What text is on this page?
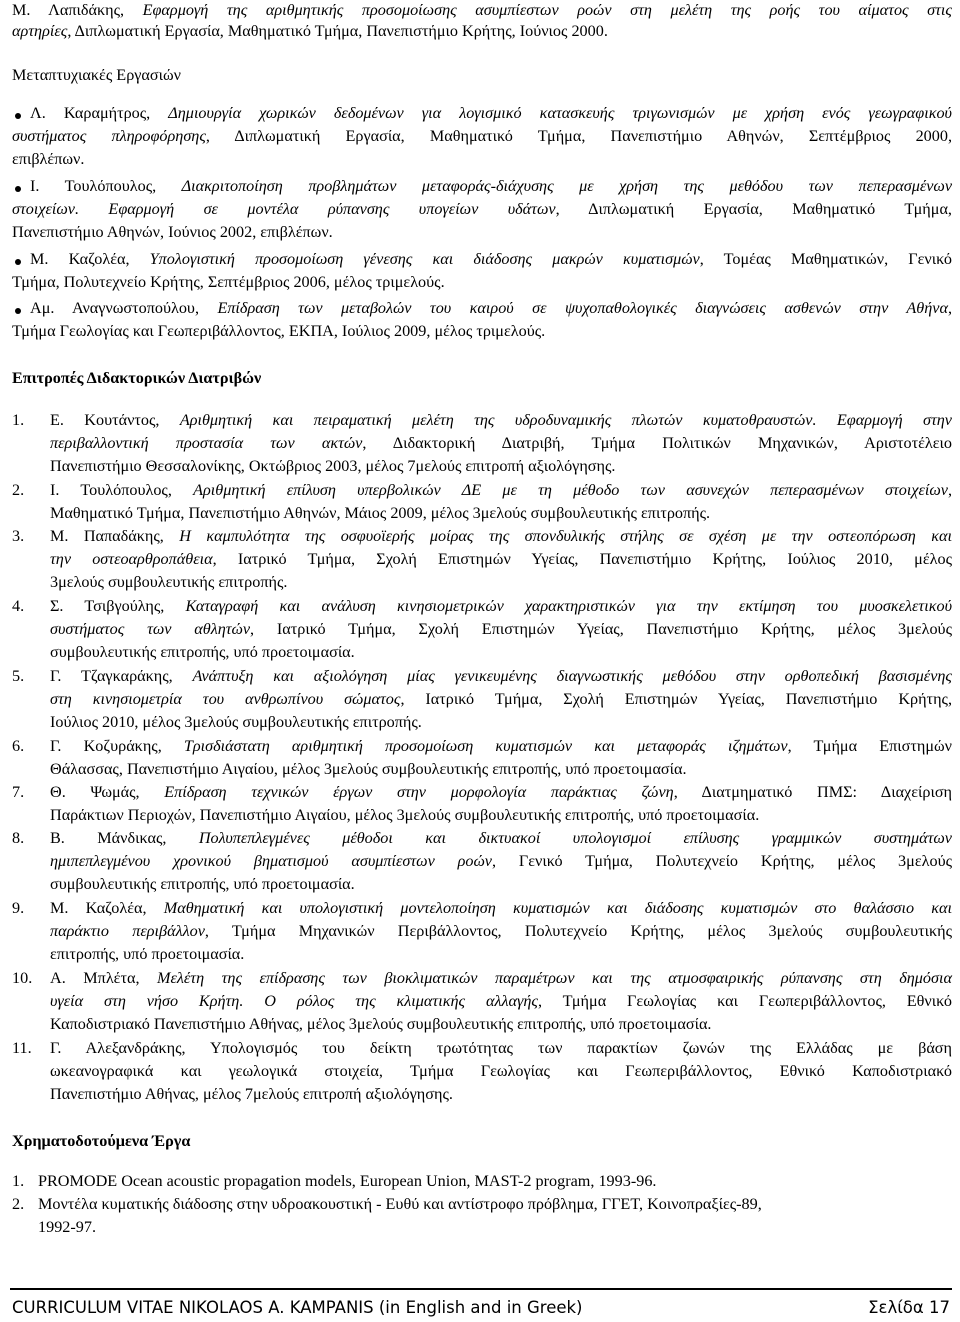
Μ. Λαπιδάκης, Εφαρμογή της αριθμητικής προσομοίωσης ασυμπίεστων ροών στη μελέτη της ροής του αίματος στις
αρτηρίες, Διπλωματική Εργασία, Μαθηματικό Τμήμα, Πανεπιστήμιο Κρήτης, Ιούνιος 2000.
Μεταπτυχιακές Εργασιών
Λ. Καραμήτρος, Δημιουργία χωρικών δεδομένων για λογισμικό κατασκευής τριγωνισμών με χρήση ενός γεωγραφικού
συστήματος πληροφόρησης, Διπλωματική Εργασία, Μαθηματικό Τμήμα, Πανεπιστήμιο Αθηνών, Σεπτέμβριος 2000,
επιβλέπων.
Ι. Τουλόπουλος, Διακριτοποίηση προβλημάτων μεταφοράς-διάχυσης με χρήση της μεθόδου των πεπερασμένων
στοιχείων. Εφαρμογή σε μοντέλα ρύπανσης υπογείων υδάτων, Διπλωματική Εργασία, Μαθηματικό Τμήμα,
Πανεπιστήμιο Αθηνών, Ιούνιος 2002, επιβλέπων.
Μ. Καζολέα, Υπολογιστική προσομοίωση γένεσης και διάδοσης μακρών κυματισμών, Τομέας Μαθηματικών, Γενικό
Τμήμα, Πολυτεχνείο Κρήτης, Σεπτέμβριος 2006, μέλος τριμελούς.
Αμ. Αναγνωστοπούλου, Επίδραση των μεταβολών του καιρού σε ψυχοπαθολογικές διαγνώσεις ασθενών στην Αθήνα,
Τμήμα Γεωλογίας και Γεωπεριβάλλοντος, ΕΚΠΑ, Ιούλιος 2009, μέλος τριμελούς.
Επιτροπές Διδακτορικών Διατριβών
1. Ε. Κουτάντος, Αριθμητική και πειραματική μελέτη της υδροδυναμικής πλωτών κυματοθραυστών. Εφαρμογή στην
περιβαλλοντική προστασία των ακτών, Διδακτορική Διατριβή, Τμήμα Πολιτικών Μηχανικών, Αριστοτέλειο
Πανεπιστήμιο Θεσσαλονίκης, Οκτώβριος 2003, μέλος 7μελούς επιτροπή αξιολόγησης.
2. Ι. Τουλόπουλος, Αριθμητική επίλυση υπερβολικών ΔΕ με τη μέθοδο των ασυνεχών πεπερασμένων στοιχείων,
Μαθηματικό Τμήμα, Πανεπιστήμιο Αθηνών, Μάιος 2009, μέλος 3μελούς συμβουλευτικής επιτροπής.
3. Μ. Παπαδάκης, Η καμπυλότητα της οσφυοϊερής μοίρας της σπονδυλικής στήλης σε σχέση με την οστεοπόρωση και
την οστεοαρθροπάθεια, Ιατρικό Τμήμα, Σχολή Επιστημών Υγείας, Πανεπιστήμιο Κρήτης, Ιούλιος 2010, μέλος
3μελούς συμβουλευτικής επιτροπής.
4. Σ. Τσιβγούλης, Καταγραφή και ανάλυση κινησιομετρικών χαρακτηριστικών για την εκτίμηση του μυοσκελετικού
συστήματος των αθλητών, Ιατρικό Τμήμα, Σχολή Επιστημών Υγείας, Πανεπιστήμιο Κρήτης, μέλος 3μελούς
συμβουλευτικής επιτροπής, υπό προετοιμασία.
5. Γ. Τζαγκαράκης, Ανάπτυξη και αξιολόγηση μίας γενικευμένης διαγνωστικής μεθόδου στην ορθοπεδική βασισμένης
στη κινησιομετρία του ανθρωπίνου σώματος, Ιατρικό Τμήμα, Σχολή Επιστημών Υγείας, Πανεπιστήμιο Κρήτης,
Ιούλιος 2010, μέλος 3μελούς συμβουλευτικής επιτροπής.
6. Γ. Κοζυράκης, Τρισδιάστατη αριθμητική προσομοίωση κυματισμών και μεταφοράς ιζημάτων, Τμήμα Επιστημών
Θάλασσας, Πανεπιστήμιο Αιγαίου, μέλος 3μελούς συμβουλευτικής επιτροπής, υπό προετοιμασία.
7. Θ. Ψωμάς, Επίδραση τεχνικών έργων στην μορφολογία παράκτιας ζώνη, Διατμηματικό ΠΜΣ: Διαχείριση
Παράκτιων Περιοχών, Πανεπιστήμιο Αιγαίου, μέλος 3μελούς συμβουλευτικής επιτροπής, υπό προετοιμασία.
8. Β. Μάνδικας, Πολυπεπλεγμένες μέθοδοι και δικτυακοί υπολογισμοί επίλυσης γραμμικών συστημάτων
ημιπεπλεγμένου χρονικού βηματισμού ασυμπίεστων ροών, Γενικό Τμήμα, Πολυτεχνείο Κρήτης, μέλος 3μελούς
συμβουλευτικής επιτροπής, υπό προετοιμασία.
9. Μ. Καζολέα, Μαθηματική και υπολογιστική μοντελοποίηση κυματισμών και διάδοσης κυματισμών στο θαλάσσιο και
παράκτιο περιβάλλον, Τμήμα Μηχανικών Περιβάλλοντος, Πολυτεχνείο Κρήτης, μέλος 3μελούς συμβουλευτικής
επιτροπής, υπό προετοιμασία.
10. Α. Μπλέτα, Μελέτη της επίδρασης των βιοκλιματικών παραμέτρων και της ατμοσφαιρικής ρύπανσης στη δημόσια
υγεία στη νήσο Κρήτη. Ο ρόλος της κλιματικής αλλαγής, Τμήμα Γεωλογίας και Γεωπεριβάλλοντος, Εθνικό
Καποδιστριακό Πανεπιστήμιο Αθήνας, μέλος 3μελούς συμβουλευτικής επιτροπής, υπό προετοιμασία.
11. Γ. Αλεξανδράκης, Υπολογισμός του δείκτη τρωτότητας των παρακτίων ζωνών της Ελλάδας με βάση
ωκεανογραφικά και γεωλογικά στοιχεία, Τμήμα Γεωλογίας και Γεωπεριβάλλοντος, Εθνικό Καποδιστριακό
Πανεπιστήμιο Αθήνας, μέλος 7μελούς επιτροπή αξιολόγησης.
Χρηματοδοτούμενα Έργα
1. PROMODE Ocean acoustic propagation models, European Union, MAST-2 program, 1993-96.
2. Μοντέλα κυματικής διάδοσης στην υδροακουστική - Ευθύ και αντίστροφο πρόβλημα, ΓΓΕΤ, Κοινοπραξίες-89,
1992-97.
CURRICULUM VITAE NIKOLAOS A. KAMPANIS (in English and in Greek)	Σελίδα 17
